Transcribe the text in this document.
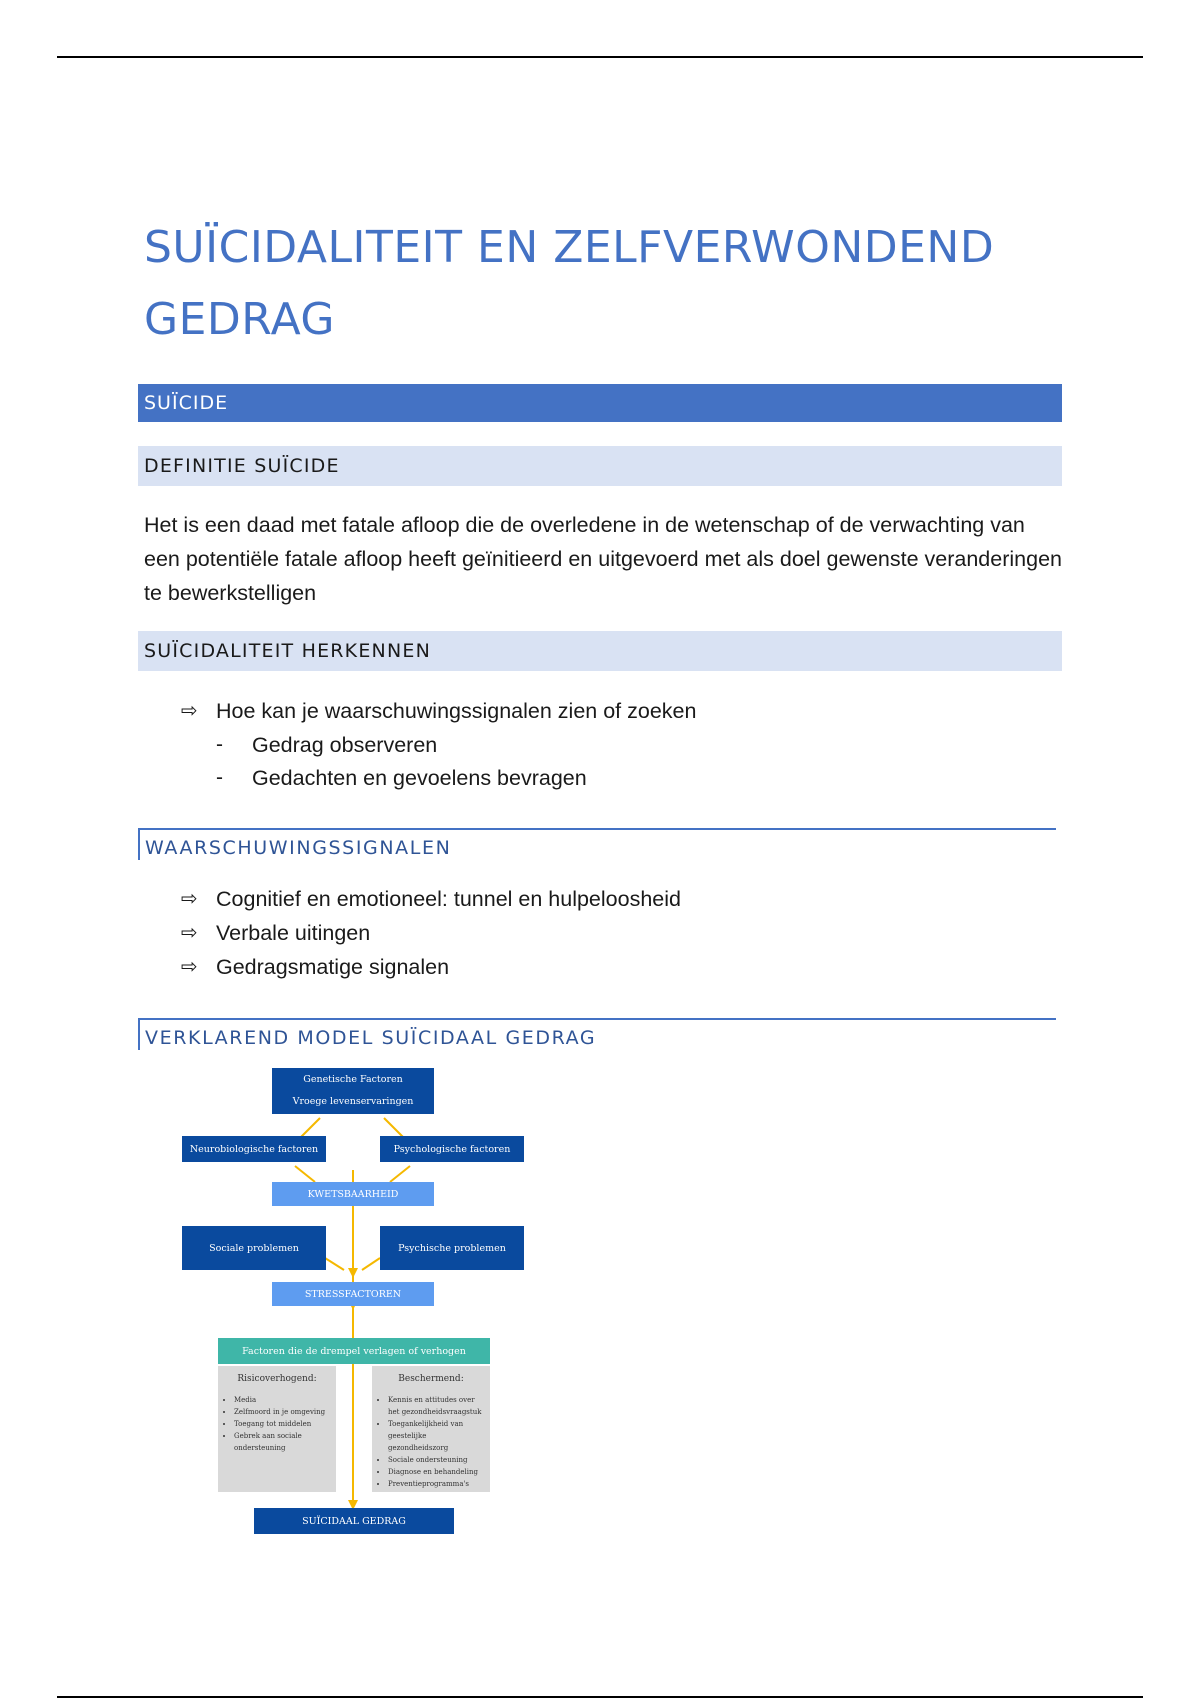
SUÏCIDALITEIT EN ZELFVERWONDEND GEDRAG
SUÏCIDE
DEFINITIE SUÏCIDE

Het is een daad met fatale afloop die de overledene in de wetenschap of de verwachting van een potentiële fatale afloop heeft geïnitieerd en uitgevoerd met als doel gewenste veranderingen te bewerkstelligen

SUÏCIDALITEIT HERKENNEN
⇨ Hoe kan je waarschuwingssignalen zien of zoeken
- Gedrag observeren
- Gedachten en gevoelens bevragen
WAARSCHUWINGSSIGNALEN
⇨ Cognitief en emotioneel: tunnel en hulpeloosheid
⇨ Verbale uitingen
⇨ Gedragsmatige signalen
VERKLAREND MODEL SUÏCIDAAL GEDRAG
Genetische Factoren
Vroege levenservaringen
Neurobiologische factoren	Psychologische factoren
KWETSBAARHEID
Sociale problemen	Psychische problemen
STRESSFACTOREN
Factoren die de drempel verlagen of verhogen
Risicoverhogend:
• Media
• Zelfmoord in je omgeving
• Toegang tot middelen
• Gebrek aan sociale ondersteuning
Beschermend:
• Kennis en attitudes over het gezondheidsvraagstuk
• Toegankelijkheid van geestelijke gezondheidszorg
• Sociale ondersteuning
• Diagnose en behandeling
• Preventieprogramma's
SUÏCIDAAL GEDRAG
